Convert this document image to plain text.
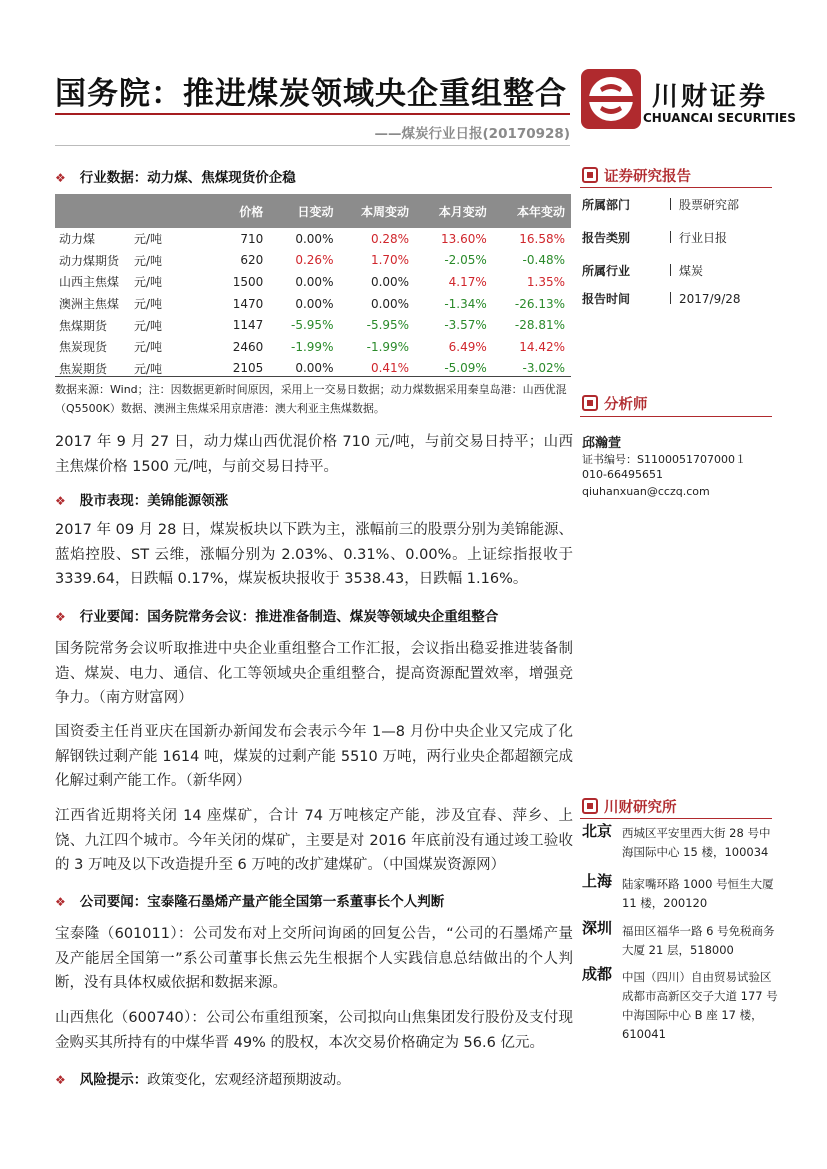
国务院：推进煤炭领域央企重组整合
——煤炭行业日报(20170928)
川财证券
CHUANCAI SECURITIES
❖ 行业数据：动力煤、焦煤现货价企稳
		价格	日变动	本周变动	本月变动	本年变动
动力煤	元/吨	710	0.00%	0.28%	13.60%	16.58%
动力煤期货	元/吨	620	0.26%	1.70%	-2.05%	-0.48%
山西主焦煤	元/吨	1500	0.00%	0.00%	4.17%	1.35%
澳洲主焦煤	元/吨	1470	0.00%	0.00%	-1.34%	-26.13%
焦煤期货	元/吨	1147	-5.95%	-5.95%	-3.57%	-28.81%
焦炭现货	元/吨	2460	-1.99%	-1.99%	6.49%	14.42%
焦炭期货	元/吨	2105	0.00%	0.41%	-5.09%	-3.02%
数据来源：Wind；注：因数据更新时间原因，采用上一交易日数据；动力煤数据采用秦皇岛港：山西优混（Q5500K）数据、澳洲主焦煤采用京唐港：澳大利亚主焦煤数据。
2017 年 9 月 27 日，动力煤山西优混价格 710 元/吨，与前交易日持平；山西主焦煤价格 1500 元/吨，与前交易日持平。
❖ 股市表现：美锦能源领涨
2017 年 09 月 28 日，煤炭板块以下跌为主，涨幅前三的股票分别为美锦能源、蓝焰控股、ST 云维，涨幅分别为 2.03%、0.31%、0.00%。上证综指报收于 3339.64，日跌幅 0.17%，煤炭板块报收于 3538.43，日跌幅 1.16%。
❖ 行业要闻：国务院常务会议：推进准备制造、煤炭等领域央企重组整合
国务院常务会议听取推进中央企业重组整合工作汇报，会议指出稳妥推进装备制造、煤炭、电力、通信、化工等领域央企重组整合，提高资源配置效率，增强竞争力。（南方财富网）
国资委主任肖亚庆在国新办新闻发布会表示今年 1—8 月份中央企业又完成了化解钢铁过剩产能 1614 吨，煤炭的过剩产能 5510 万吨，两行业央企都超额完成化解过剩产能工作。（新华网）
江西省近期将关闭 14 座煤矿，合计 74 万吨核定产能，涉及宜春、萍乡、上饶、九江四个城市。今年关闭的煤矿，主要是对 2016 年底前没有通过竣工验收的 3 万吨及以下改造提升至 6 万吨的改扩建煤矿。（中国煤炭资源网）
❖ 公司要闻：宝泰隆石墨烯产量产能全国第一系董事长个人判断
宝泰隆（601011）：公司发布对上交所问询函的回复公告，“公司的石墨烯产量及产能居全国第一”系公司董事长焦云先生根据个人实践信息总结做出的个人判断，没有具体权威依据和数据来源。
山西焦化（600740）：公司公布重组预案，公司拟向山焦集团发行股份及支付现金购买其所持有的中煤华晋 49% 的股权，本次交易价格确定为 56.6 亿元。
❖ 风险提示：政策变化，宏观经济超预期波动。
证券研究报告
所属部门	股票研究部
报告类别	行业日报
所属行业	煤炭
报告时间	2017/9/28
分析师
邱瀚萱
证书编号：S1100051707000１
010-66495651
qiuhanxuan@cczq.com
川财研究所
北京 西城区平安里西大街 28 号中海国际中心 15 楼，100034
上海 陆家嘴环路 1000 号恒生大厦 11 楼，200120
深圳 福田区福华一路 6 号免税商务大厦 21 层，518000
成都 中国（四川）自由贸易试验区成都市高新区交子大道 177 号中海国际中心 B 座 17 楼，610041
